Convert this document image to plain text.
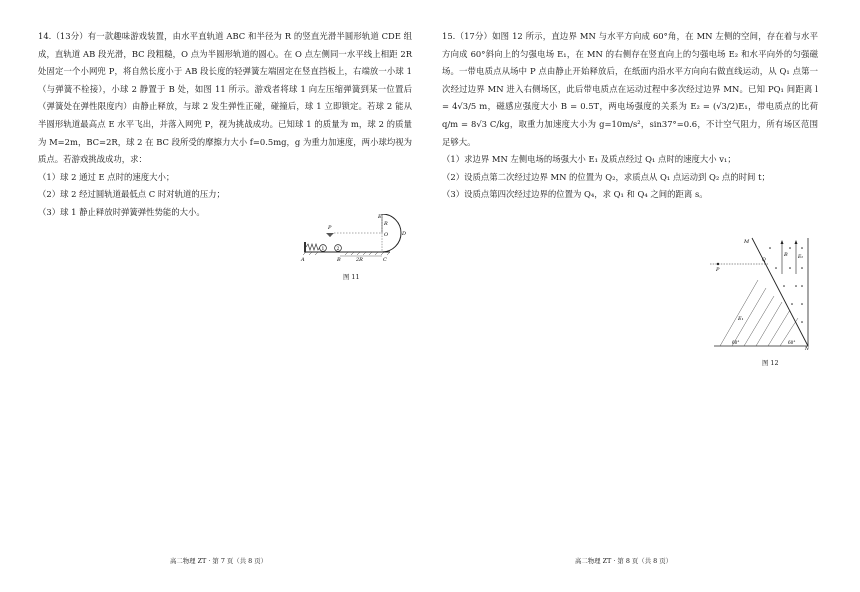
14.（13分）有一款趣味游戏装置，由水平直轨道 ABC 和半径为 R 的竖直光滑半圆形轨道 CDE 组成，直轨道 AB 段光滑，BC 段粗糙，O 点为半圆形轨道的圆心。在 O 点左侧同一水平线上相距 2R 处固定一个小网兜 P，将自然长度小于 AB 段长度的轻弹簧左端固定在竖直挡板上，右端放一小球 1（与弹簧不栓接），小球 2 静置于 B 处，如图 11 所示。游戏者将球 1 向左压缩弹簧到某一位置后（弹簧处在弹性限度内）由静止释放，与球 2 发生弹性正碰，碰撞后，球 1 立即锁定。若球 2 能从半圆形轨道最高点 E 水平飞出，并落入网兜 P，视为挑战成功。已知球 1 的质量为 m，球 2 的质量为 M=2m，BC=2R，球 2 在 BC 段所受的摩擦力大小 f=0.5mg，g 为重力加速度，两小球均视为质点。若游戏挑战成功，求：

（1）球 2 通过 E 点时的速度大小；

（2）球 2 经过圆轨道最低点 C 时对轨道的压力；

（3）球 1 静止释放时弹簧弹性势能的大小。

1	2
P
E
R
O	D
2R
A	B	C
图 11
高二物理 ZT · 第 7 页（共 8 页）

15.（17分）如图 12 所示，直边界 MN 与水平方向成 60°角，在 MN 左侧的空间，存在着与水平方向成 60°斜向上的匀强电场 E₁，在 MN 的右侧存在竖直向上的匀强电场 E₂ 和水平向外的匀强磁场。一带电质点从场中 P 点由静止开始释放后，在纸面内沿水平方向向右做直线运动，从 Q₁ 点第一次经过边界 MN 进入右侧场区，此后带电质点在运动过程中多次经过边界 MN。已知 PQ₁ 间距离 l = 4√3/5 m，磁感应强度大小 B = 0.5T，两电场强度的关系为 E₂ = (√3/2)E₁，带电质点的比荷 q/m = 8√3 C/kg，取重力加速度大小为 g=10m/s²，sin37°=0.6，不计空气阻力，所有场区范围足够大。

（1）求边界 MN 左侧电场的场强大小 E₁ 及质点经过 Q₁ 点时的速度大小 v₁；

（2）设质点第二次经过边界 MN 的位置为 Q₂，求质点从 Q₁ 点运动到 Q₂ 点的时间 t；

（3）设质点第四次经过边界的位置为 Q₄，求 Q₁ 和 Q₄ 之间的距离 s。

M
N
E₁
P
Q
E₂
B
60°	60°
图 12
高二物理 ZT · 第 8 页（共 8 页）
